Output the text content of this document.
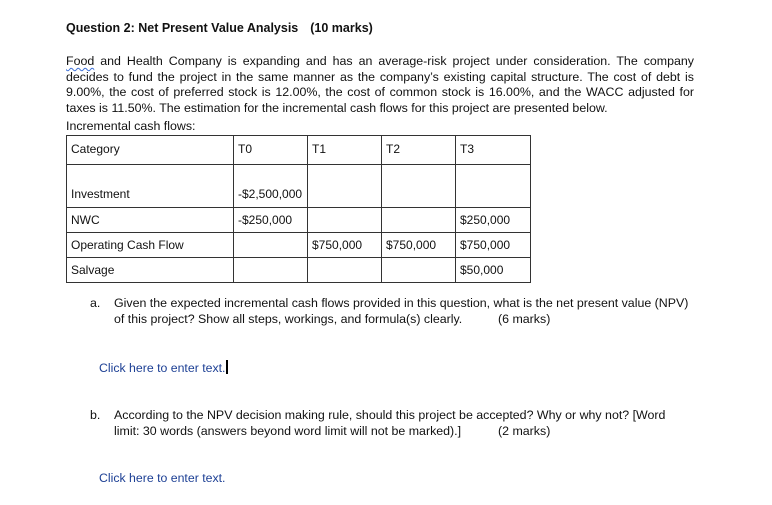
Question 2: Net Present Value Analysis (10 marks)

Food and Health Company is expanding and has an average-risk project under consideration. The company decides to fund the project in the same manner as the company’s existing capital structure. The cost of debt is 9.00%, the cost of preferred stock is 12.00%, the cost of common stock is 16.00%, and the WACC adjusted for taxes is 11.50%. The estimation for the incremental cash flows for this project are presented below.

Incremental cash flows:
Category	T0	T1	T2	T3
Investment	-$2,500,000			
NWC	-$250,000			$250,000
Operating Cash Flow		$750,000	$750,000	$750,000
Salvage				$50,000
a. Given the expected incremental cash flows provided in this question, what is the net present value (NPV) of this project? Show all steps, workings, and formula(s) clearly.	(6 marks)
Click here to enter text.
b. According to the NPV decision making rule, should this project be accepted? Why or why not? [Word limit: 30 words (answers beyond word limit will not be marked).]	(2 marks)
Click here to enter text.
